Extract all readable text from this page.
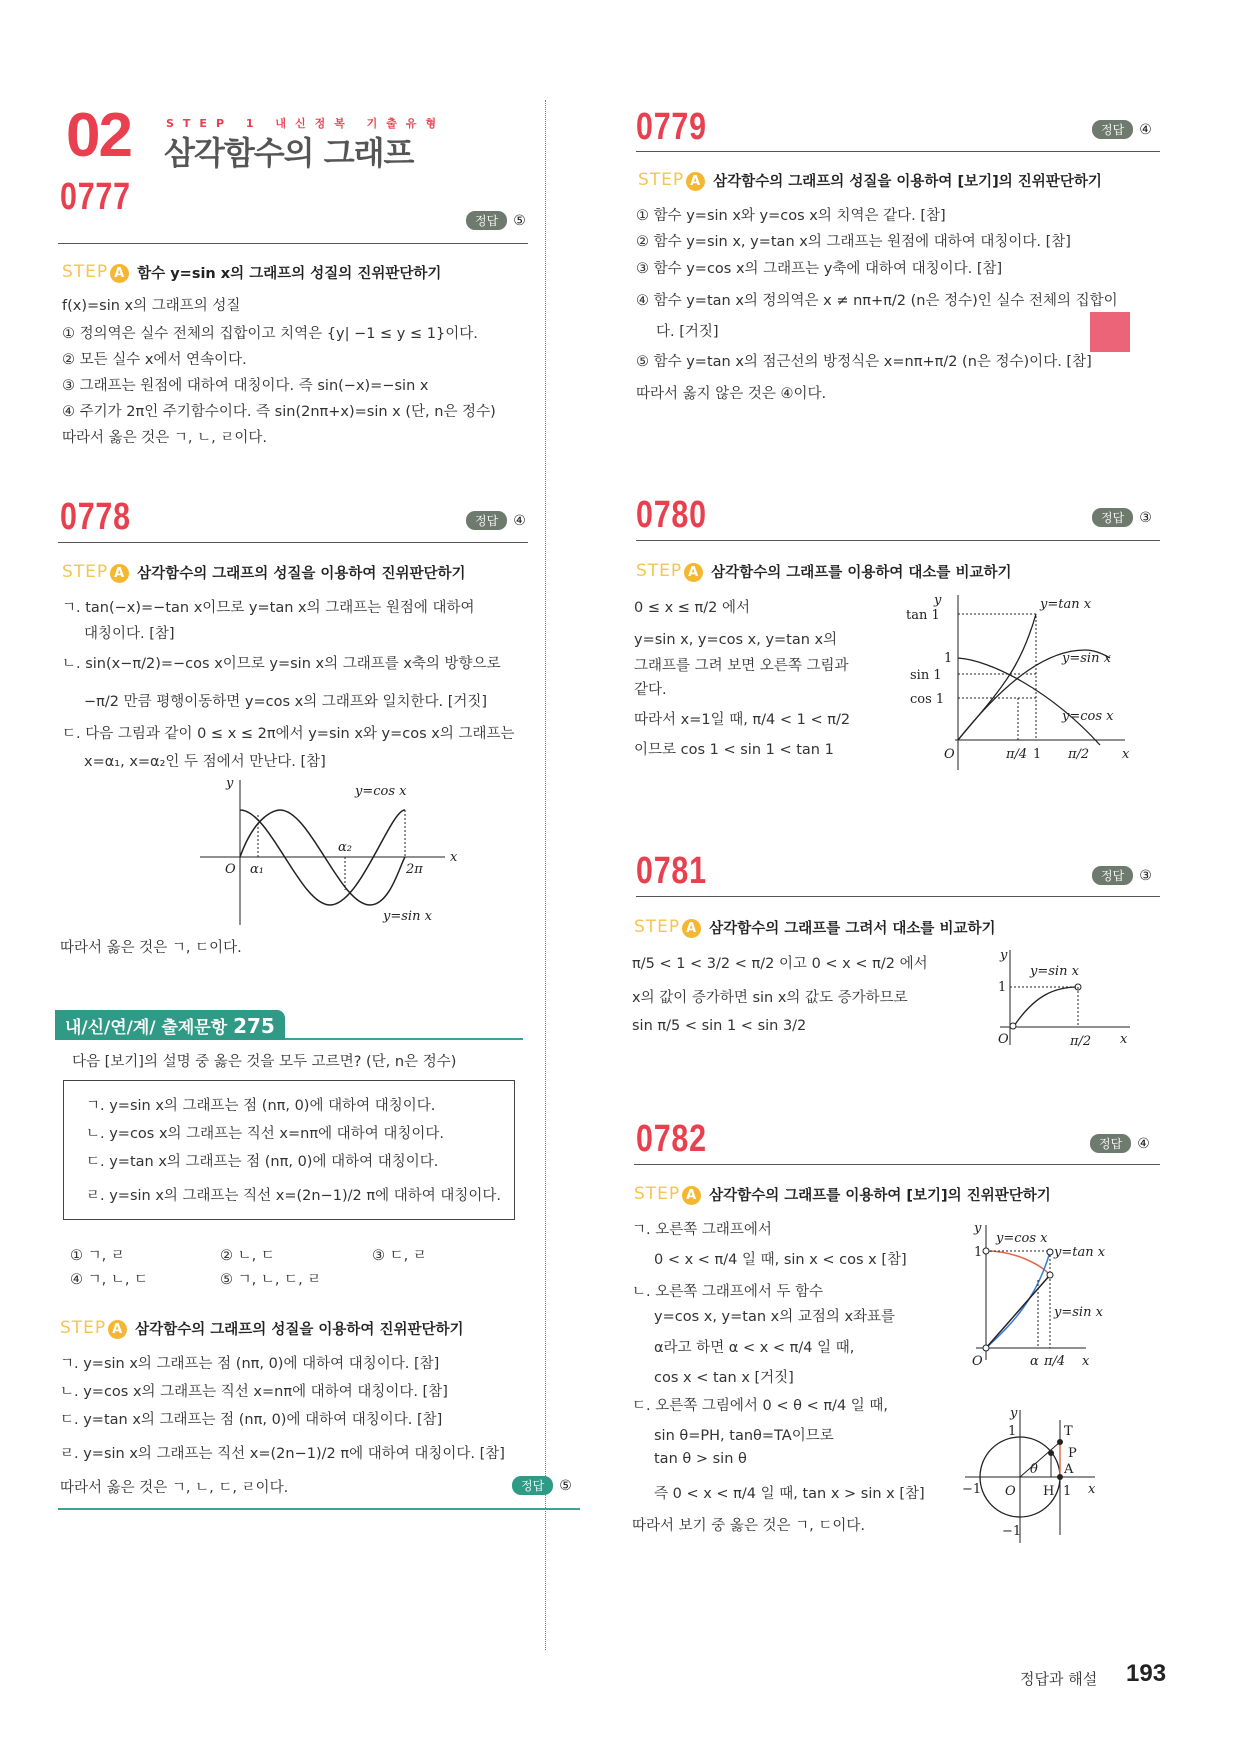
02	STEP 1 내신정복 기출유형
삼각함수의 그래프
0777
정답	⑤
STEP A 함수 y=sin x의 그래프의 성질의 진위판단하기
f(x)=sin x의 그래프의 성질
① 정의역은 실수 전체의 집합이고 치역은 {y| −1 ≤ y ≤ 1}이다.
② 모든 실수 x에서 연속이다.
③ 그래프는 원점에 대하여 대칭이다. 즉 sin(−x)=−sin x
④ 주기가 2π인 주기함수이다. 즉 sin(2nπ+x)=sin x (단, n은 정수)
따라서 옳은 것은 ㄱ, ㄴ, ㄹ이다.
0778	정답	④
STEP A 삼각함수의 그래프의 성질을 이용하여 진위판단하기
ㄱ. tan(−x)=−tan x이므로 y=tan x의 그래프는 원점에 대하여
대칭이다. [참]
ㄴ. sin(x−π/2)=−cos x이므로 y=sin x의 그래프를 x축의 방향으로
−π/2 만큼 평행이동하면 y=cos x의 그래프와 일치한다. [거짓]
ㄷ. 다음 그림과 같이 0 ≤ x ≤ 2π에서 y=sin x와 y=cos x의 그래프는
x=α₁, x=α₂인 두 점에서 만난다. [참]
y
x
O α₁
α₂
2π
y=cos x
y=sin x
따라서 옳은 것은 ㄱ, ㄷ이다.
내/신/연/계/ 출제문항 275
다음 [보기]의 설명 중 옳은 것을 모두 고르면? (단, n은 정수)
ㄱ. y=sin x의 그래프는 점 (nπ, 0)에 대하여 대칭이다.
ㄴ. y=cos x의 그래프는 직선 x=nπ에 대하여 대칭이다.
ㄷ. y=tan x의 그래프는 점 (nπ, 0)에 대하여 대칭이다.
ㄹ. y=sin x의 그래프는 직선 x=(2n−1)/2 π에 대하여 대칭이다.
① ㄱ, ㄹ	② ㄴ, ㄷ	③ ㄷ, ㄹ
④ ㄱ, ㄴ, ㄷ	⑤ ㄱ, ㄴ, ㄷ, ㄹ
STEP A 삼각함수의 그래프의 성질을 이용하여 진위판단하기
ㄱ. y=sin x의 그래프는 점 (nπ, 0)에 대하여 대칭이다. [참]
ㄴ. y=cos x의 그래프는 직선 x=nπ에 대하여 대칭이다. [참]
ㄷ. y=tan x의 그래프는 점 (nπ, 0)에 대하여 대칭이다. [참]
ㄹ. y=sin x의 그래프는 직선 x=(2n−1)/2 π에 대하여 대칭이다. [참]
따라서 옳은 것은 ㄱ, ㄴ, ㄷ, ㄹ이다.	정답	⑤
0779	정답	④
STEP A 삼각함수의 그래프의 성질을 이용하여 [보기]의 진위판단하기
① 함수 y=sin x와 y=cos x의 치역은 같다. [참]
② 함수 y=sin x, y=tan x의 그래프는 원점에 대하여 대칭이다. [참]
③ 함수 y=cos x의 그래프는 y축에 대하여 대칭이다. [참]
④ 함수 y=tan x의 정의역은 x ≠ nπ+π/2 (n은 정수)인 실수 전체의 집합이
다. [거짓]
⑤ 함수 y=tan x의 점근선의 방정식은 x=nπ+π/2 (n은 정수)이다. [참]
따라서 옳지 않은 것은 ④이다.
0780	정답	③
STEP A 삼각함수의 그래프를 이용하여 대소를 비교하기
0 ≤ x ≤ π/2 에서
y=sin x, y=cos x, y=tan x의
그래프를 그려 보면 오른쪽 그림과
같다.
따라서 x=1일 때, π/4 < 1 < π/2
이므로 cos 1 < sin 1 < tan 1
y
tan 1
1
sin 1
cos 1
O	π/4 1 π/2	x
y=tan x
y=sin x
y=cos x
0781	정답	③
STEP A 삼각함수의 그래프를 그려서 대소를 비교하기
π/5 < 1 < 3/2 < π/2 이고 0 < x < π/2 에서
x의 값이 증가하면 sin x의 값도 증가하므로
sin π/5 < sin 1 < sin 3/2
y
y=sin x
1
O	π/2 x
0782	정답	④
STEP A 삼각함수의 그래프를 이용하여 [보기]의 진위판단하기
ㄱ. 오른쪽 그래프에서
0 < x < π/4 일 때, sin x < cos x [참]
ㄴ. 오른쪽 그래프에서 두 함수
y=cos x, y=tan x의 교점의 x좌표를
α라고 하면 α < x < π/4 일 때,
cos x < tan x [거짓]
ㄷ. 오른쪽 그림에서 0 < θ < π/4 일 때,
sin θ=PH, tanθ=TA이므로
tan θ > sin θ
즉 0 < x < π/4 일 때, tan x > sin x [참]
따라서 보기 중 옳은 것은 ㄱ, ㄷ이다.
y
y=cos x
y=tan x
y=sin x
1
O	α π/4 x
y
1
−1
−1 O H 1
T
P
A
θ
x
정답과 해설 193
